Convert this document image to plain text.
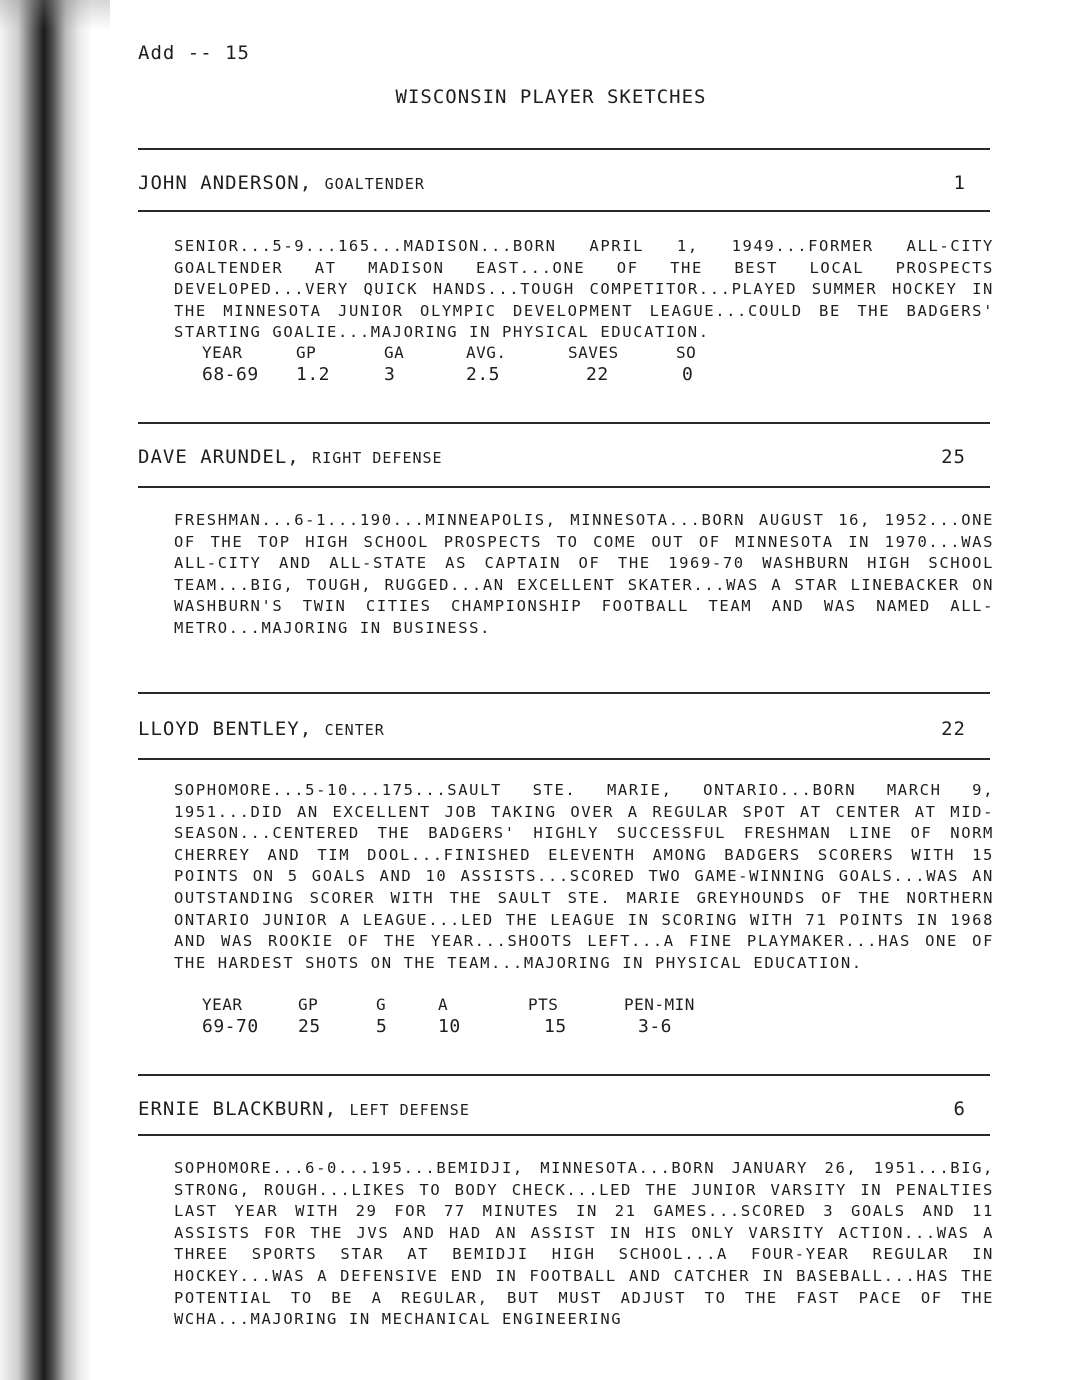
Add -- 15
WISCONSIN PLAYER SKETCHES
JOHN ANDERSON, GOALTENDER	1
SENIOR...5-9...165...MADISON...BORN APRIL 1, 1949...FORMER ALL-CITY GOALTENDER AT MADISON EAST...ONE OF THE BEST LOCAL PROSPECTS DEVELOPED...VERY QUICK HANDS...TOUGH COMPETITOR...PLAYED SUMMER HOCKEY IN THE MINNESOTA JUNIOR OLYMPIC DEVELOPMENT LEAGUE...COULD BE THE BADGERS' STARTING GOALIE...MAJORING IN PHYSICAL EDUCATION.
YEAR	GP	GA	AVG.	SAVES	SO
68-69	1.2	3	2.5	22	0
DAVE ARUNDEL, RIGHT DEFENSE	25
FRESHMAN...6-1...190...MINNEAPOLIS, MINNESOTA...BORN AUGUST 16, 1952...ONE OF THE TOP HIGH SCHOOL PROSPECTS TO COME OUT OF MINNESOTA IN 1970...WAS ALL-CITY AND ALL-STATE AS CAPTAIN OF THE 1969-70 WASHBURN HIGH SCHOOL TEAM...BIG, TOUGH, RUGGED...AN EXCELLENT SKATER...WAS A STAR LINEBACKER ON WASHBURN'S TWIN CITIES CHAMPIONSHIP FOOTBALL TEAM AND WAS NAMED ALL-METRO...MAJORING IN BUSINESS.
LLOYD BENTLEY, CENTER	22
SOPHOMORE...5-10...175...SAULT STE. MARIE, ONTARIO...BORN MARCH 9, 1951...DID AN EXCELLENT JOB TAKING OVER A REGULAR SPOT AT CENTER AT MID-SEASON...CENTERED THE BADGERS' HIGHLY SUCCESSFUL FRESHMAN LINE OF NORM CHERREY AND TIM DOOL...FINISHED ELEVENTH AMONG BADGERS SCORERS WITH 15 POINTS ON 5 GOALS AND 10 ASSISTS...SCORED TWO GAME-WINNING GOALS...WAS AN OUTSTANDING SCORER WITH THE SAULT STE. MARIE GREYHOUNDS OF THE NORTHERN ONTARIO JUNIOR A LEAGUE...LED THE LEAGUE IN SCORING WITH 71 POINTS IN 1968 AND WAS ROOKIE OF THE YEAR...SHOOTS LEFT...A FINE PLAYMAKER...HAS ONE OF THE HARDEST SHOTS ON THE TEAM...MAJORING IN PHYSICAL EDUCATION.
YEAR	GP	G	A	PTS	PEN-MIN
69-70	25	5	10	15	3-6
ERNIE BLACKBURN, LEFT DEFENSE	6
SOPHOMORE...6-0...195...BEMIDJI, MINNESOTA...BORN JANUARY 26, 1951...BIG, STRONG, ROUGH...LIKES TO BODY CHECK...LED THE JUNIOR VARSITY IN PENALTIES LAST YEAR WITH 29 FOR 77 MINUTES IN 21 GAMES...SCORED 3 GOALS AND 11 ASSISTS FOR THE JVS AND HAD AN ASSIST IN HIS ONLY VARSITY ACTION...WAS A THREE SPORTS STAR AT BEMIDJI HIGH SCHOOL...A FOUR-YEAR REGULAR IN HOCKEY...WAS A DEFENSIVE END IN FOOTBALL AND CATCHER IN BASEBALL...HAS THE POTENTIAL TO BE A REGULAR, BUT MUST ADJUST TO THE FAST PACE OF THE WCHA...MAJORING IN MECHANICAL ENGINEERING
